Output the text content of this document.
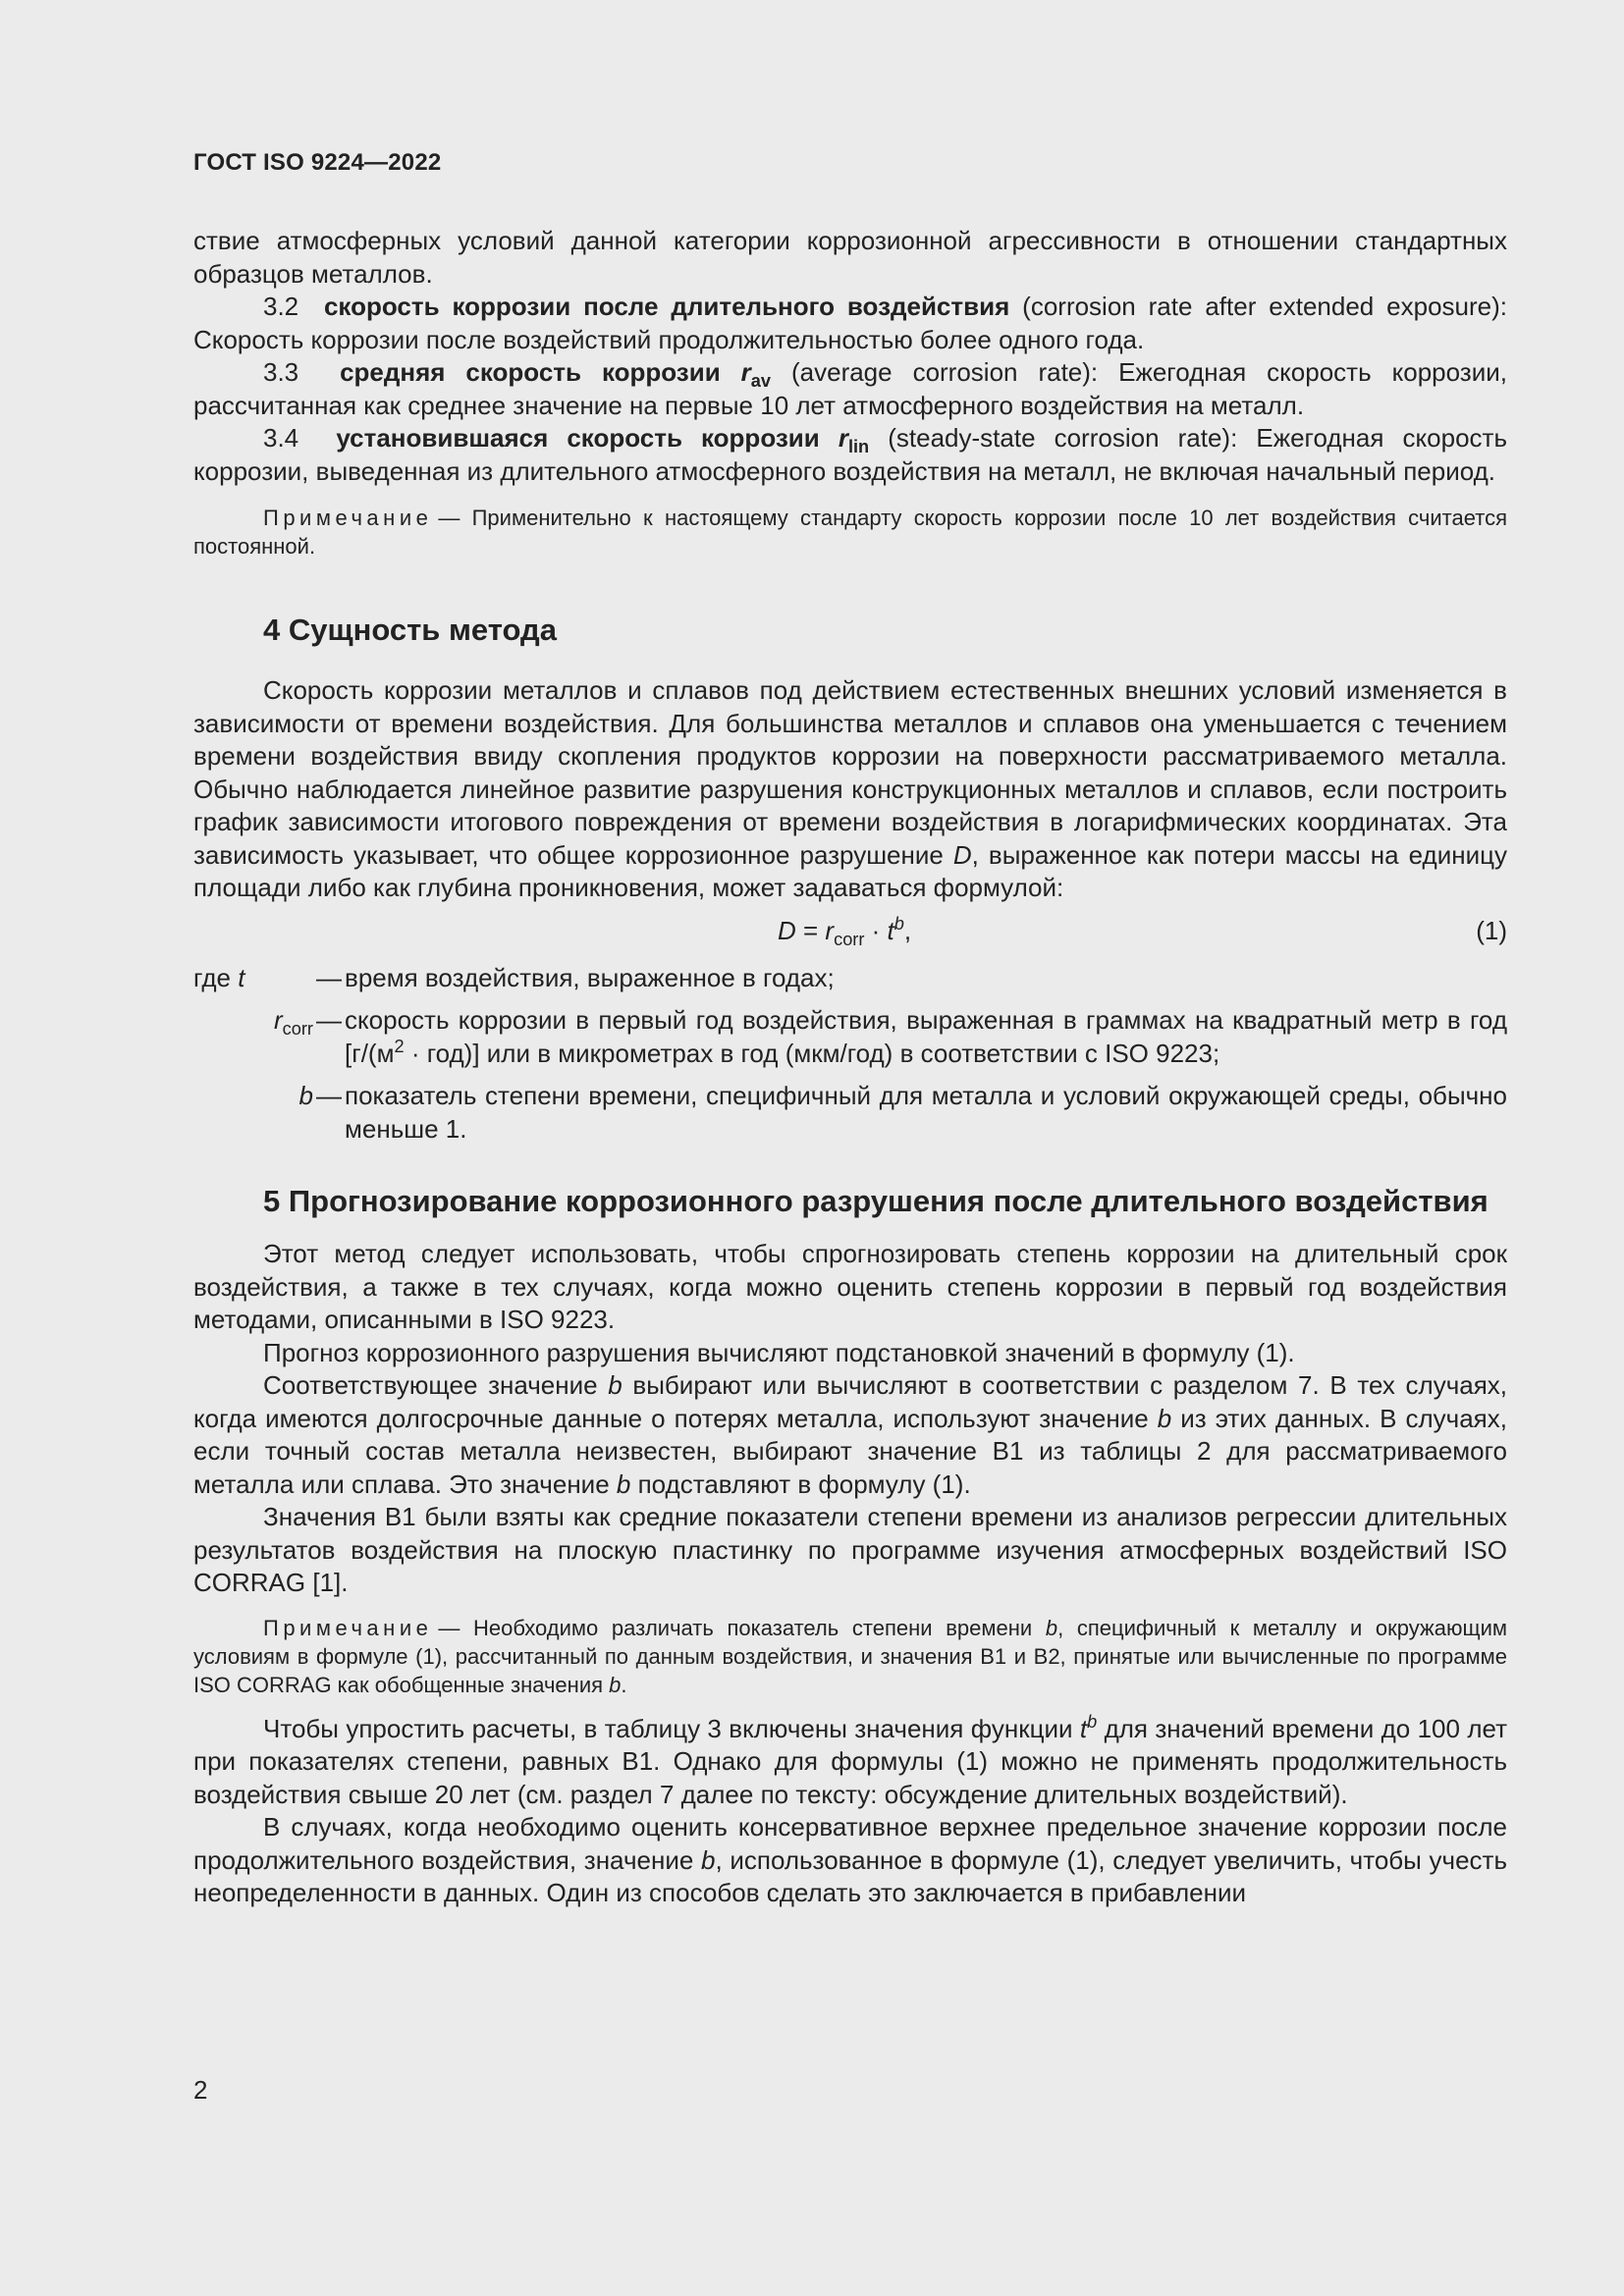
ГОСТ ISO 9224—2022

ствие атмосферных условий данной категории коррозионной агрессивности в отношении стандартных образцов металлов.

3.2 скорость коррозии после длительного воздействия (corrosion rate after extended exposure): Скорость коррозии после воздействий продолжительностью более одного года.

3.3 средняя скорость коррозии $r_{av}$ (average corrosion rate): Ежегодная скорость коррозии, рассчитанная как среднее значение на первые 10 лет атмосферного воздействия на металл.

3.4 установившаяся скорость коррозии $r_{lin}$ (steady-state corrosion rate): Ежегодная скорость коррозии, выведенная из длительного атмосферного воздействия на металл, не включая начальный период.

Примечание — Применительно к настоящему стандарту скорость коррозии после 10 лет воздействия считается постоянной.

4 Сущность метода

Скорость коррозии металлов и сплавов под действием естественных внешних условий изменяется в зависимости от времени воздействия. Для большинства металлов и сплавов она уменьшается с течением времени воздействия ввиду скопления продуктов коррозии на поверхности рассматриваемого металла. Обычно наблюдается линейное развитие разрушения конструкционных металлов и сплавов, если построить график зависимости итогового повреждения от времени воздействия в логарифмических координатах. Эта зависимость указывает, что общее коррозионное разрушение D, выраженное как потери массы на единицу площади либо как глубина проникновения, может задаваться формулой:

$D = r_{corr} \cdot t^b$,	(1)
где t	— время воздействия, выраженное в годах;
$r_{corr}$ — скорость коррозии в первый год воздействия, выраженная в граммах на квадратный метр в год $[г/(м^2 \cdot год)]$ или в микрометрах в год (мкм/год) в соответствии с ISO 9223;
b — показатель степени времени, специфичный для металла и условий окружающей среды, обычно меньше 1.
5 Прогнозирование коррозионного разрушения после длительного воздействия

Этот метод следует использовать, чтобы спрогнозировать степень коррозии на длительный срок воздействия, а также в тех случаях, когда можно оценить степень коррозии в первый год воздействия методами, описанными в ISO 9223.

Прогноз коррозионного разрушения вычисляют подстановкой значений в формулу (1).

Соответствующее значение b выбирают или вычисляют в соответствии с разделом 7. В тех случаях, когда имеются долгосрочные данные о потерях металла, используют значение b из этих данных. В случаях, если точный состав металла неизвестен, выбирают значение В1 из таблицы 2 для рассматриваемого металла или сплава. Это значение b подставляют в формулу (1).

Значения В1 были взяты как средние показатели степени времени из анализов регрессии длительных результатов воздействия на плоскую пластинку по программе изучения атмосферных воздействий ISO CORRAG [1].

Примечание — Необходимо различать показатель степени времени b, специфичный к металлу и окружающим условиям в формуле (1), рассчитанный по данным воздействия, и значения В1 и В2, принятые или вычисленные по программе ISO CORRAG как обобщенные значения b.

Чтобы упростить расчеты, в таблицу 3 включены значения функции $t^b$ для значений времени до 100 лет при показателях степени, равных В1. Однако для формулы (1) можно не применять продолжительность воздействия свыше 20 лет (см. раздел 7 далее по тексту: обсуждение длительных воздействий).

В случаях, когда необходимо оценить консервативное верхнее предельное значение коррозии после продолжительного воздействия, значение b, использованное в формуле (1), следует увеличить, чтобы учесть неопределенности в данных. Один из способов сделать это заключается в прибавлении

2
